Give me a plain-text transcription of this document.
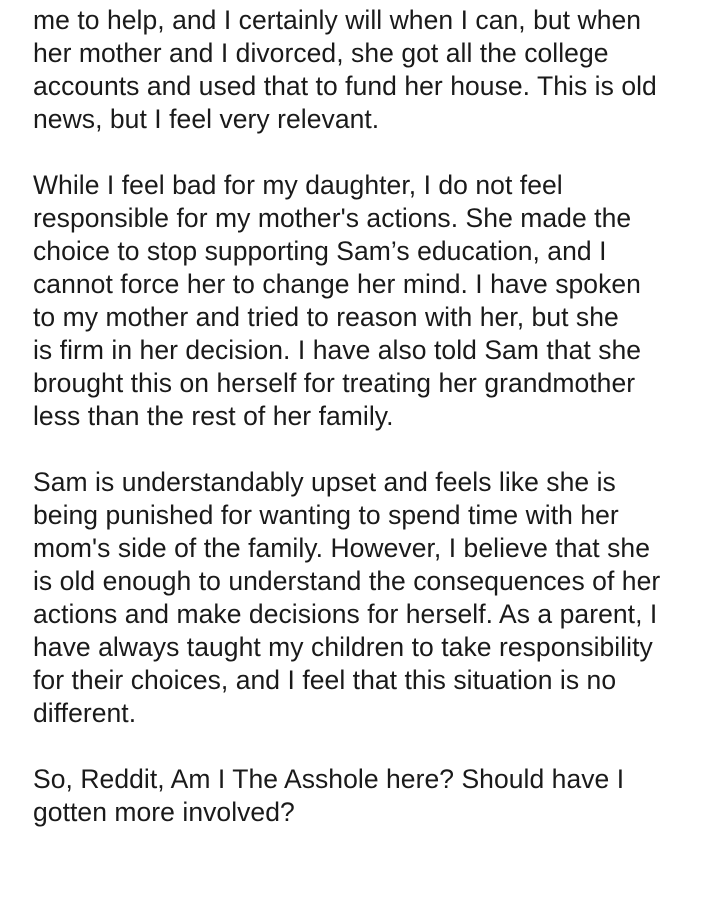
me to help, and I certainly will when I can, but when
her mother and I divorced, she got all the college
accounts and used that to fund her house. This is old
news, but I feel very relevant.

While I feel bad for my daughter, I do not feel
responsible for my mother's actions. She made the
choice to stop supporting Sam’s education, and I
cannot force her to change her mind. I have spoken
to my mother and tried to reason with her, but she
is firm in her decision. I have also told Sam that she
brought this on herself for treating her grandmother
less than the rest of her family.

Sam is understandably upset and feels like she is
being punished for wanting to spend time with her
mom's side of the family. However, I believe that she
is old enough to understand the consequences of her
actions and make decisions for herself. As a parent, I
have always taught my children to take responsibility
for their choices, and I feel that this situation is no
different.

So, Reddit, Am I The Asshole here? Should have I
gotten more involved?
